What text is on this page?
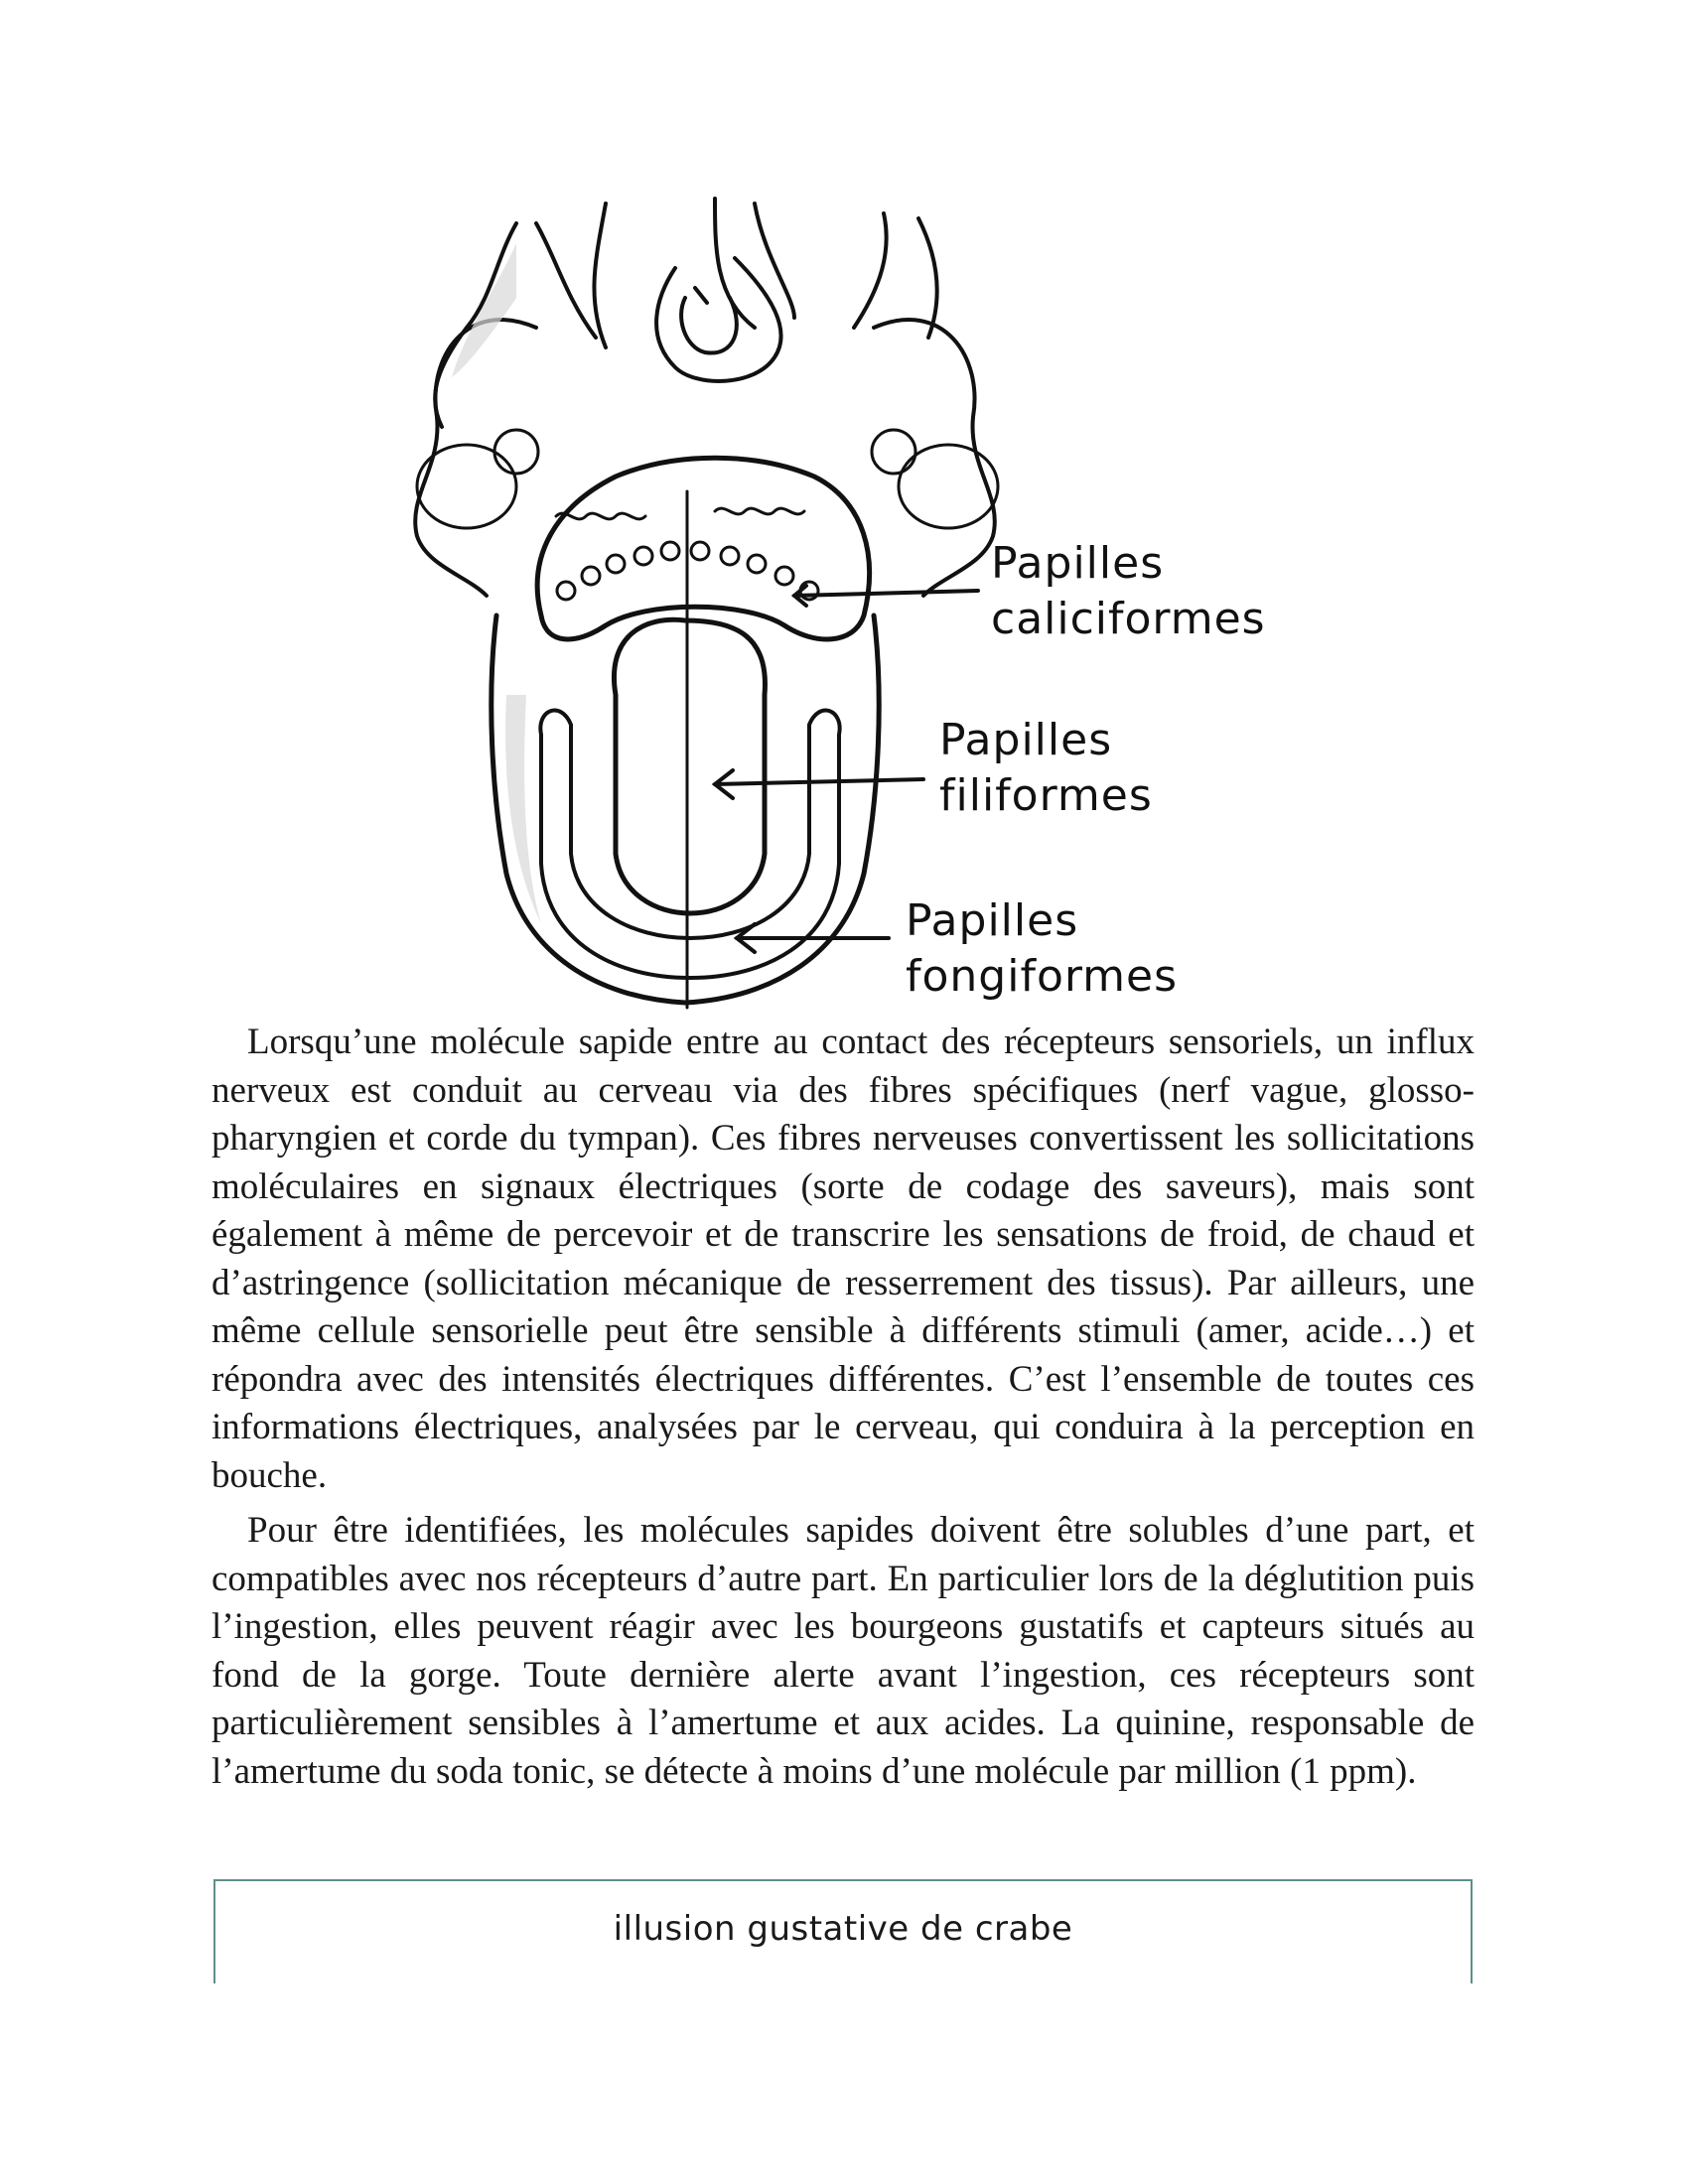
Papilles
caliciformes
Papilles
filiformes
Papilles
fongiformes

Lorsqu’une molécule sapide entre au contact des récepteurs sensoriels, un influx nerveux est conduit au cerveau via des fibres spécifiques (nerf vague, glosso-pharyngien et corde du tympan). Ces fibres nerveuses convertissent les sollicitations moléculaires en signaux électriques (sorte de codage des saveurs), mais sont également à même de percevoir et de transcrire les sensations de froid, de chaud et d’astringence (sollicitation mécanique de resserrement des tissus). Par ailleurs, une même cellule sensorielle peut être sensible à différents stimuli (amer, acide…) et répondra avec des intensités électriques différentes. C’est l’ensemble de toutes ces informations électriques, analysées par le cerveau, qui conduira à la perception en bouche.

Pour être identifiées, les molécules sapides doivent être solubles d’une part, et compatibles avec nos récepteurs d’autre part. En particulier lors de la déglutition puis l’ingestion, elles peuvent réagir avec les bourgeons gustatifs et capteurs situés au fond de la gorge. Toute dernière alerte avant l’ingestion, ces récepteurs sont particulièrement sensibles à l’amertume et aux acides. La quinine, responsable de l’amertume du soda tonic, se détecte à moins d’une molécule par million (1 ppm).

illusion gustative de crabe
